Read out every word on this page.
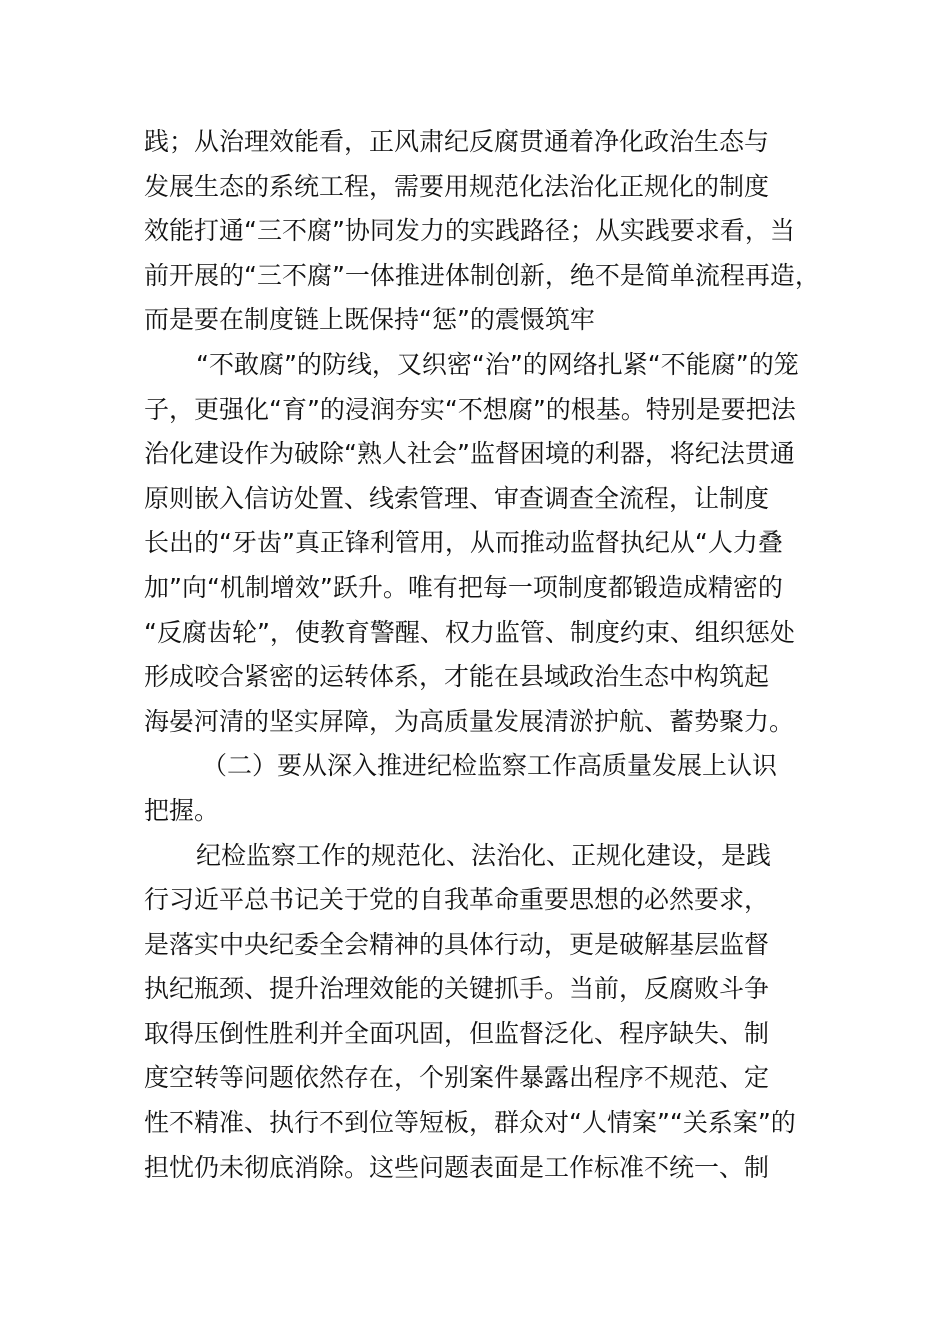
践；从治理效能看，正风肃纪反腐贯通着净化政治生态与
发展生态的系统工程，需要用规范化法治化正规化的制度
效能打通“三不腐”协同发力的实践路径；从实践要求看，当
前开展的“三不腐”一体推进体制创新，绝不是简单流程再造，
而是要在制度链上既保持“惩”的震慑筑牢
“不敢腐”的防线，又织密“治”的网络扎紧“不能腐”的笼
子，更强化“育”的浸润夯实“不想腐”的根基。特别是要把法
治化建设作为破除“熟人社会”监督困境的利器，将纪法贯通
原则嵌入信访处置、线索管理、审查调查全流程，让制度
长出的“牙齿”真正锋利管用，从而推动监督执纪从“人力叠
加”向“机制增效”跃升。唯有把每一项制度都锻造成精密的
“反腐齿轮”，使教育警醒、权力监管、制度约束、组织惩处
形成咬合紧密的运转体系，才能在县域政治生态中构筑起
海晏河清的坚实屏障，为高质量发展清淤护航、蓄势聚力。
（二）要从深入推进纪检监察工作高质量发展上认识
把握。
纪检监察工作的规范化、法治化、正规化建设，是践
行习近平总书记关于党的自我革命重要思想的必然要求，
是落实中央纪委全会精神的具体行动，更是破解基层监督
执纪瓶颈、提升治理效能的关键抓手。当前，反腐败斗争
取得压倒性胜利并全面巩固，但监督泛化、程序缺失、制
度空转等问题依然存在，个别案件暴露出程序不规范、定
性不精准、执行不到位等短板，群众对“人情案”“关系案”的
担忧仍未彻底消除。这些问题表面是工作标准不统一、制
